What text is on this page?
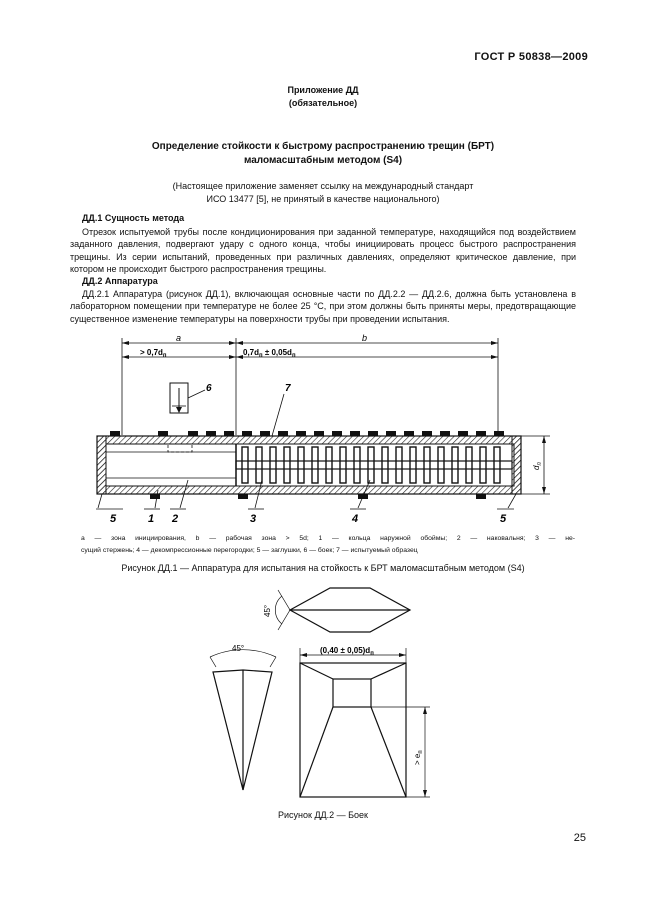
ГОСТ Р 50838—2009
Приложение ДД
(обязательное)
Определение стойкости к быстрому распространению трещин (БРТ)
маломасштабным методом (S4)
(Настоящее приложение заменяет ссылку на международный стандарт
ИСО 13477 [5], не принятый в качестве национального)
ДД.1 Сущность метода
Отрезок испытуемой трубы после кондиционирования при заданной температуре, находящийся под воздействием заданного давления, подвергают удару с одного конца, чтобы инициировать процесс быстрого распространения трещины. Из серии испытаний, проведенных при различных давлениях, определяют критическое давление, при котором не происходит быстрого распространения трещины.
ДД.2 Аппаратура
ДД.2.1 Аппаратура (рисунок ДД.1), включающая основные части по ДД.2.2 — ДД.2.6, должна быть установлена в лабораторном помещении при температуре не более 25 °С, при этом должны быть приняты меры, предотвращающие существенное изменение температуры на поверхности трубы при проведении испытания.
a	b
> $0,7d_п$	$0,7d_п \pm 0,05d_п$
6	7
$d_п$
5	1 2	3	4	5
a — зона инициирования, b — рабочая зона > 5d; 1 — кольца наружной обоймы; 2 — наковальня; 3 — не-
сущий стержень; 4 — декомпрессионные перегородки; 5 — заглушки, 6 — боек; 7 — испытуемый образец
Рисунок ДД.1 — Аппаратура для испытания на стойкость к БРТ маломасштабным методом (S4)
45°
45°	$(0,40 \pm 0,05)d_п$
> $e_п$
Рисунок ДД.2 — Боек
25
